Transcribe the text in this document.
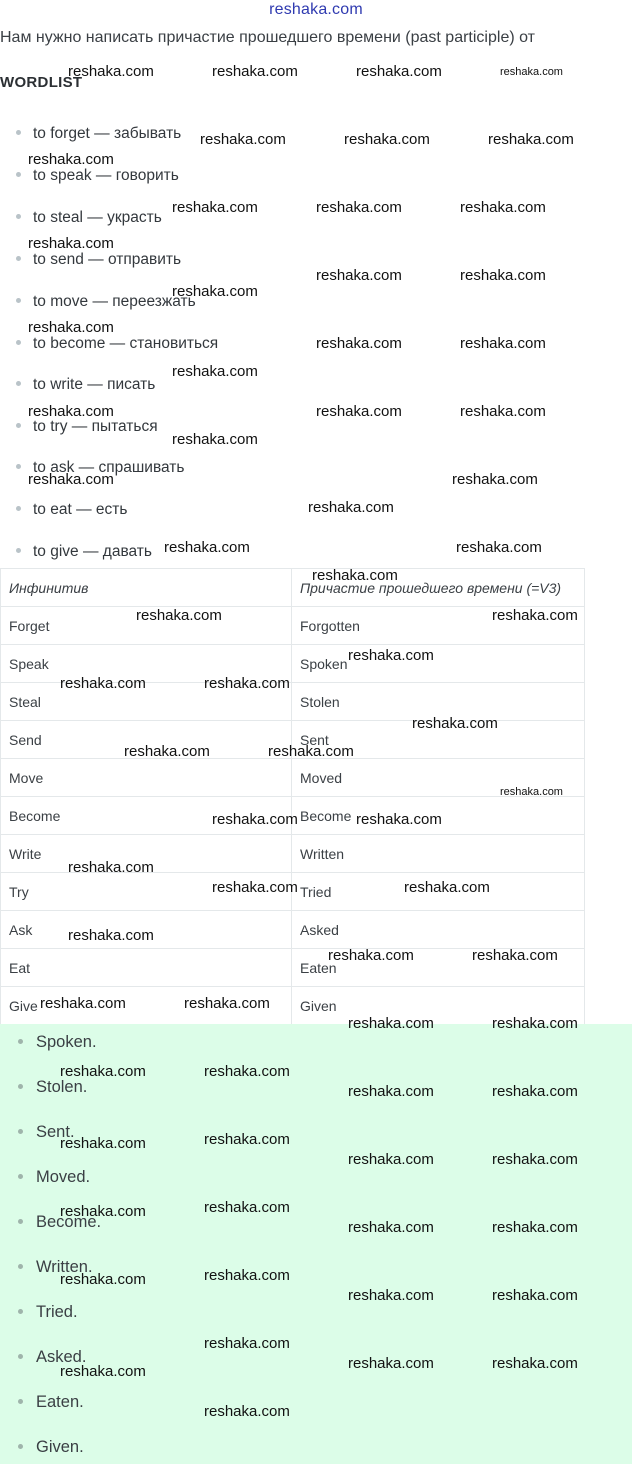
reshaka.com
Нам нужно написать причастие прошедшего времени (past participle) от
WORDLIST
to forget — забывать
to speak — говорить
to steal — украсть
to send — отправить
to move — переезжать
to become — становиться
to write — писать
to try — пытаться
to ask — спрашивать
to eat — есть
to give — давать
Инфинитив	Причастие прошедшего времени (=V3)
Forget	Forgotten
Speak	Spoken
Steal	Stolen
Send	Sent
Move	Moved
Become	Become
Write	Written
Try	Tried
Ask	Asked
Eat	Eaten
Give	Given
Spoken.
Stolen.
Sent.
Moved.
Become.
Written.
Tried.
Asked.
Eaten.
Given.
reshaka.com	reshaka.com	reshaka.com	reshaka.com
reshaka.com	reshaka.com	reshaka.com
reshaka.com
reshaka.com	reshaka.com	reshaka.com
reshaka.com
reshaka.com	reshaka.com
reshaka.com
reshaka.com
reshaka.com	reshaka.com
reshaka.com
reshaka.com	reshaka.com	reshaka.com
reshaka.com
reshaka.com	reshaka.com
reshaka.com
reshaka.com	reshaka.com
reshaka.com
reshaka.com	reshaka.com
reshaka.com
reshaka.com	reshaka.com
reshaka.com
reshaka.com	reshaka.com
reshaka.com
reshaka.com	reshaka.com
reshaka.com
reshaka.com	reshaka.com
reshaka.com
reshaka.com	reshaka.com
reshaka.com	reshaka.com
reshaka.com	reshaka.com
reshaka.com	reshaka.com
reshaka.com	reshaka.com
reshaka.com	reshaka.com
reshaka.com	reshaka.com
reshaka.com	reshaka.com
reshaka.com	reshaka.com
reshaka.com	reshaka.com
reshaka.com	reshaka.com
reshaka.com
reshaka.com	reshaka.com
reshaka.com
reshaka.com
